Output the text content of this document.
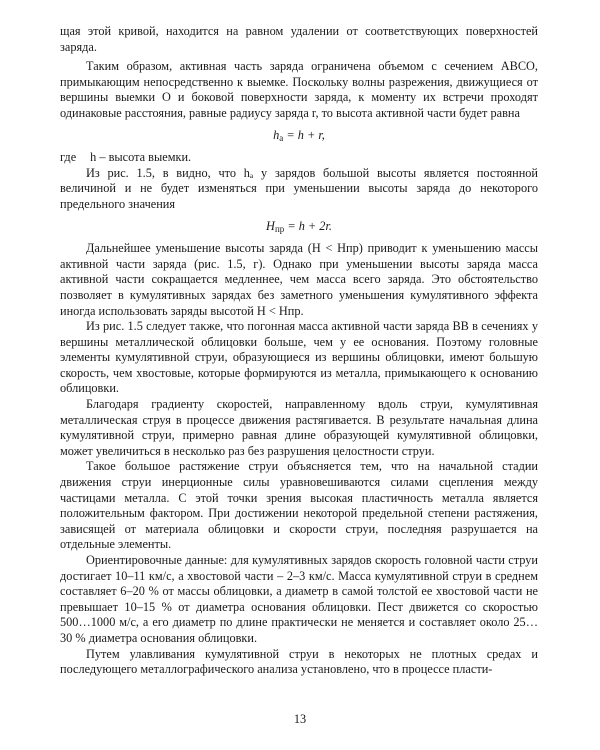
щая этой кривой, находится на равном удалении от соответствующих поверхностей заряда.

Таким образом, активная часть заряда ограничена объемом с сечением ABCO, примыкающим непосредственно к выемке. Поскольку волны разрежения, движущиеся от вершины выемки O и боковой поверхности заряда, к моменту их встречи проходят одинаковые расстояния, равные радиусу заряда r, то высота активной части будет равна

$h_a = h + r$,

где h – высота выемки.

Из рис. 1.5, в видно, что hₐ у зарядов большой высоты является постоянной величиной и не будет изменяться при уменьшении высоты заряда до некоторого предельного значения

$H_{пр} = h + 2r$.

Дальнейшее уменьшение высоты заряда (H < Hпр) приводит к уменьшению массы активной части заряда (рис. 1.5, г). Однако при уменьшении высоты заряда масса активной части сокращается медленнее, чем масса всего заряда. Это обстоятельство позволяет в кумулятивных зарядах без заметного уменьшения кумулятивного эффекта иногда использовать заряды высотой H < Hпр.

Из рис. 1.5 следует также, что погонная масса активной части заряда ВВ в сечениях у вершины металлической облицовки больше, чем у ее основания. Поэтому головные элементы кумулятивной струи, образующиеся из вершины облицовки, имеют большую скорость, чем хвостовые, которые формируются из металла, примыкающего к основанию облицовки.

Благодаря градиенту скоростей, направленному вдоль струи, кумулятивная металлическая струя в процессе движения растягивается. В результате начальная длина кумулятивной струи, примерно равная длине образующей кумулятивной облицовки, может увеличиться в несколько раз без разрушения целостности струи.

Такое большое растяжение струи объясняется тем, что на начальной стадии движения струи инерционные силы уравновешиваются силами сцепления между частицами металла. С этой точки зрения высокая пластичность металла является положительным фактором. При достижении некоторой предельной степени растяжения, зависящей от материала облицовки и скорости струи, последняя разрушается на отдельные элементы.

Ориентировочные данные: для кумулятивных зарядов скорость головной части струи достигает 10–11 км/с, а хвостовой части – 2–3 км/с. Масса кумулятивной струи в среднем составляет 6–20 % от массы облицовки, а диаметр в самой толстой ее хвостовой части не превышает 10–15 % от диаметра основания облицовки. Пест движется со скоростью 500…1000 м/с, а его диаметр по длине практически не меняется и составляет около 25…30 % диаметра основания облицовки.

Путем улавливания кумулятивной струи в некоторых не плотных средах и последующего металлографического анализа установлено, что в процессе пласти-

13
